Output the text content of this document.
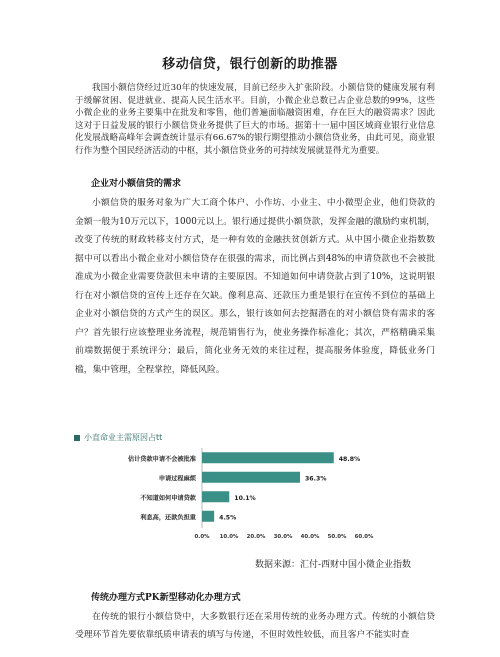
移动信贷，银行创新的助推器

我国小额信贷经过近30年的快速发展，目前已经步入扩张阶段。小额信贷的健康发展有利于缓解贫困、促进就业、提高人民生活水平。目前，小微企业总数已占企业总数的99%，这些小微企业的业务主要集中在批发和零售，他们普遍面临融资困难，存在巨大的融资需求？因此这对于日益发展的银行小额信贷业务提供了巨大的市场。据第十一届中国区域商业银行业信息化发展战略高峰年会调查统计显示有66.67%的银行期望推动小额信贷业务，由此可见，商业银行作为整个国民经济活动的中枢，其小额信贷业务的可持续发展就显得尤为重要。

企业对小额信贷的需求

小额信贷的服务对象为广大工商个体户、小作坊、小业主、中小微型企业，他们贷款的金额一般为10万元以下，1000元以上。银行通过提供小额贷款，发挥金融的激励约束机制，改变了传统的财政转移支付方式，是一种有效的金融扶贫创新方式。从中国小微企业指数数据中可以看出小微企业对小额信贷存在很强的需求，而比例占到48%的申请贷款也不会被批准成为小微企业需要贷款但未申请的主要原因。不知道如何申请贷款占到了10%，这说明银行在对小额信贷的宣传上还存在欠缺。像利息高、还款压力重是银行在宣传不到位的基础上企业对小额信贷的方式产生的误区。那么，银行该如何去挖掘潜在的对小额信贷有需求的客户？首先银行应该整理业务流程，规范销售行为，使业务操作标准化；其次，严格精确采集前端数据便于系统评分；最后，简化业务无效的来往过程，提高服务体验度，降低业务门槛，集中管理，全程掌控，降低风险。

小直命业主需原因占tt
估计贷款申请不会被批准	48.8%
申请过程麻烦	36.3%
不知道如何申请贷款	10.1%
利息高，还款负担重	4.5%
0.0% 10.0% 20.0% 30.0% 40.0% 50.0% 60.0%
数据来源：汇付-西财中国小微企业指数
传统办理方式PK新型移动化办理方式

在传统的银行小额信贷中，大多数银行还在采用传统的业务办理方式。传统的小额信贷受理环节首先要依靠纸质申请表的填写与传递，不但时效性较低，而且客户不能实时查
